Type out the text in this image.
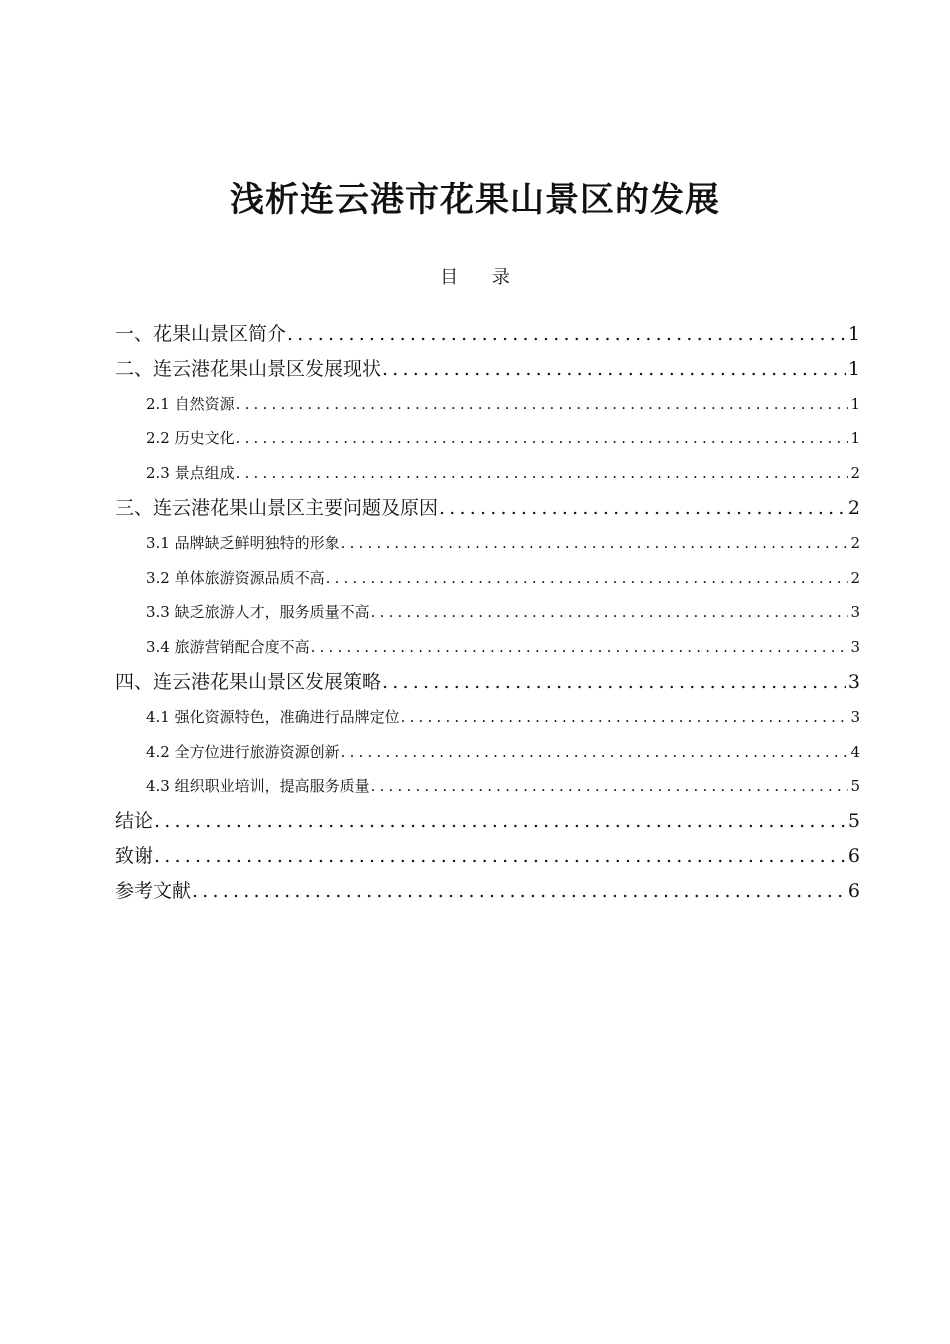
浅析连云港市花果山景区的发展
目 录
一、花果山景区简介 .....	1
二、连云港花果山景区发展现状 .....	1
2.1 自然资源 .....	1
2.2 历史文化 .....	1
2.3 景点组成 .....	2
三、连云港花果山景区主要问题及原因 .....	2
3.1 品牌缺乏鲜明独特的形象 .....	2
3.2 单体旅游资源品质不高 .....	2
3.3 缺乏旅游人才，服务质量不高 .....	3
3.4 旅游营销配合度不高 .....	3
四、连云港花果山景区发展策略 .....	3
4.1 强化资源特色，准确进行品牌定位 .....	3
4.2 全方位进行旅游资源创新 .....	4
4.3 组织职业培训，提高服务质量 .....	5
结论 .....	5
致谢 .....	6
参考文献 .....	6
